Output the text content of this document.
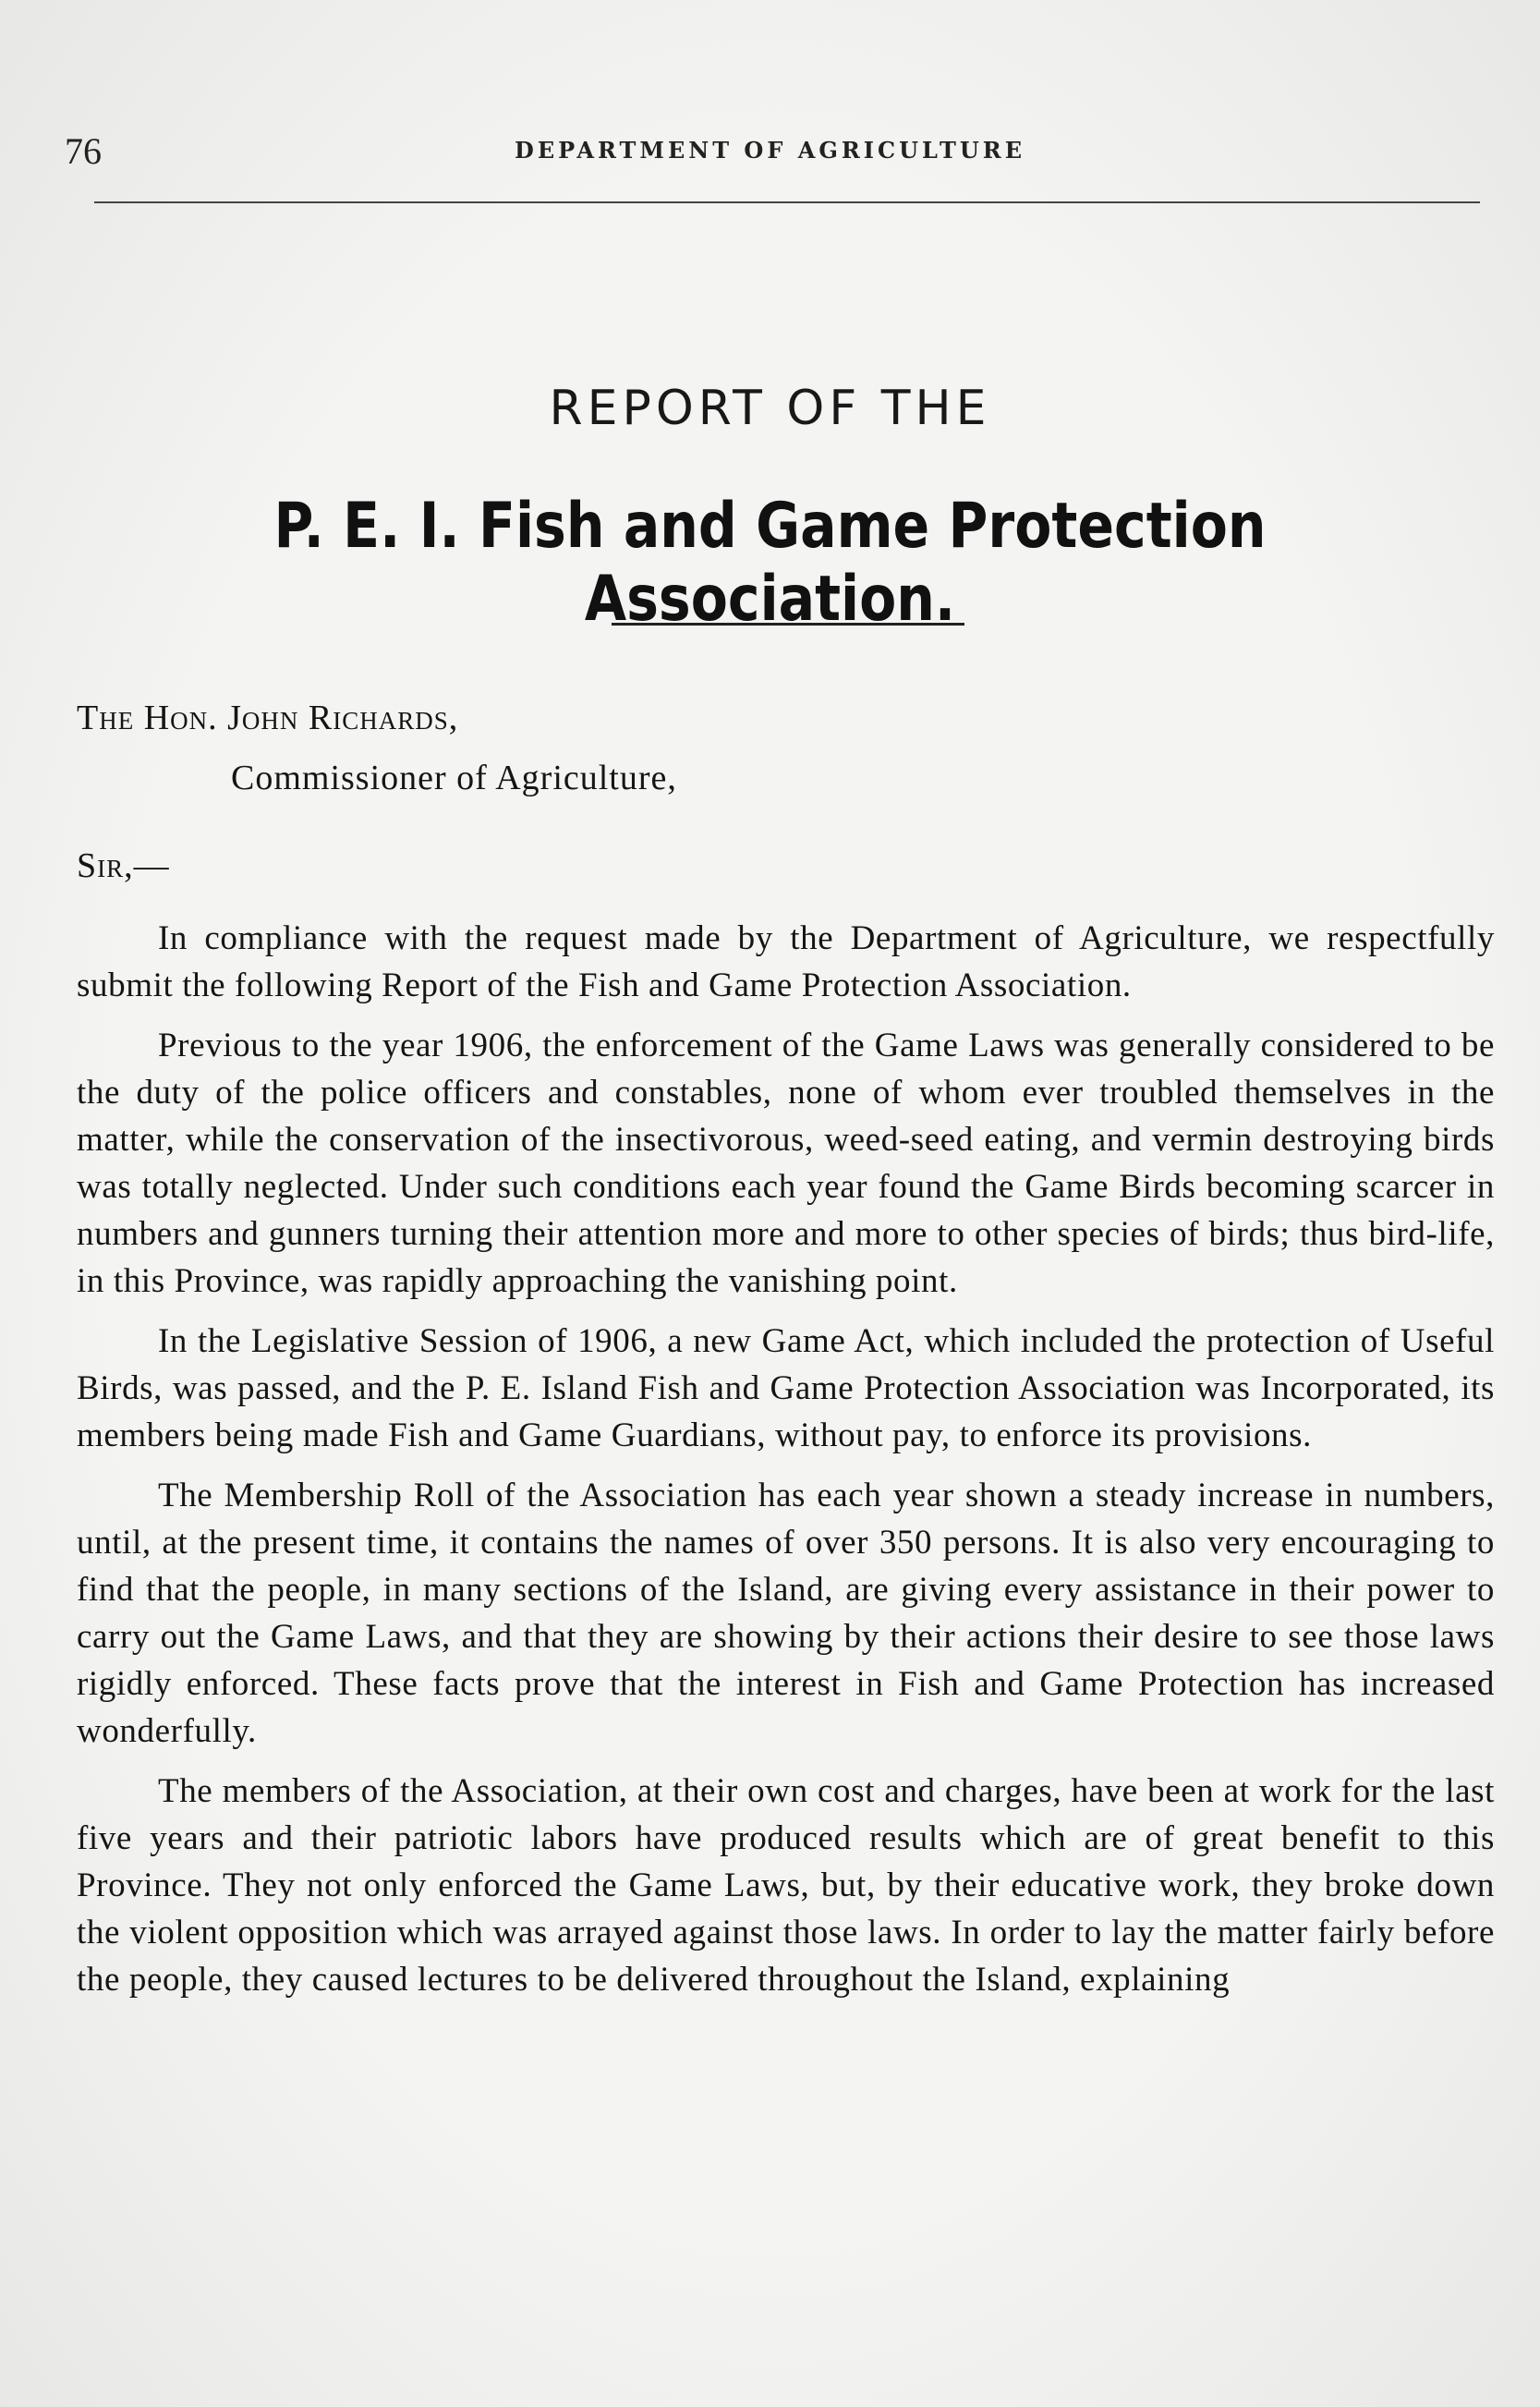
76	DEPARTMENT OF AGRICULTURE
REPORT OF THE
P. E. I. Fish and Game Protection Association.
The Hon. John Richards,
Commissioner of Agriculture,
Sir,—

In compliance with the request made by the Department of Agriculture, we respectfully submit the following Report of the Fish and Game Protection Association.

Previous to the year 1906, the enforcement of the Game Laws was generally considered to be the duty of the police officers and constables, none of whom ever troubled themselves in the matter, while the conservation of the insectivorous, weed-seed eating, and vermin destroying birds was totally neglected. Under such conditions each year found the Game Birds becoming scarcer in numbers and gunners turning their attention more and more to other species of birds; thus bird-life, in this Province, was rapidly approaching the vanishing point.

In the Legislative Session of 1906, a new Game Act, which included the protection of Useful Birds, was passed, and the P. E. Island Fish and Game Protection Association was Incorporated, its members being made Fish and Game Guardians, without pay, to enforce its provisions.

The Membership Roll of the Association has each year shown a steady increase in numbers, until, at the present time, it contains the names of over 350 persons. It is also very encouraging to find that the people, in many sections of the Island, are giving every assistance in their power to carry out the Game Laws, and that they are showing by their actions their desire to see those laws rigidly enforced. These facts prove that the interest in Fish and Game Protection has increased wonderfully.

The members of the Association, at their own cost and charges, have been at work for the last five years and their patriotic labors have produced results which are of great benefit to this Province. They not only enforced the Game Laws, but, by their educative work, they broke down the violent opposition which was arrayed against those laws. In order to lay the matter fairly before the people, they caused lectures to be delivered throughout the Island, explaining
